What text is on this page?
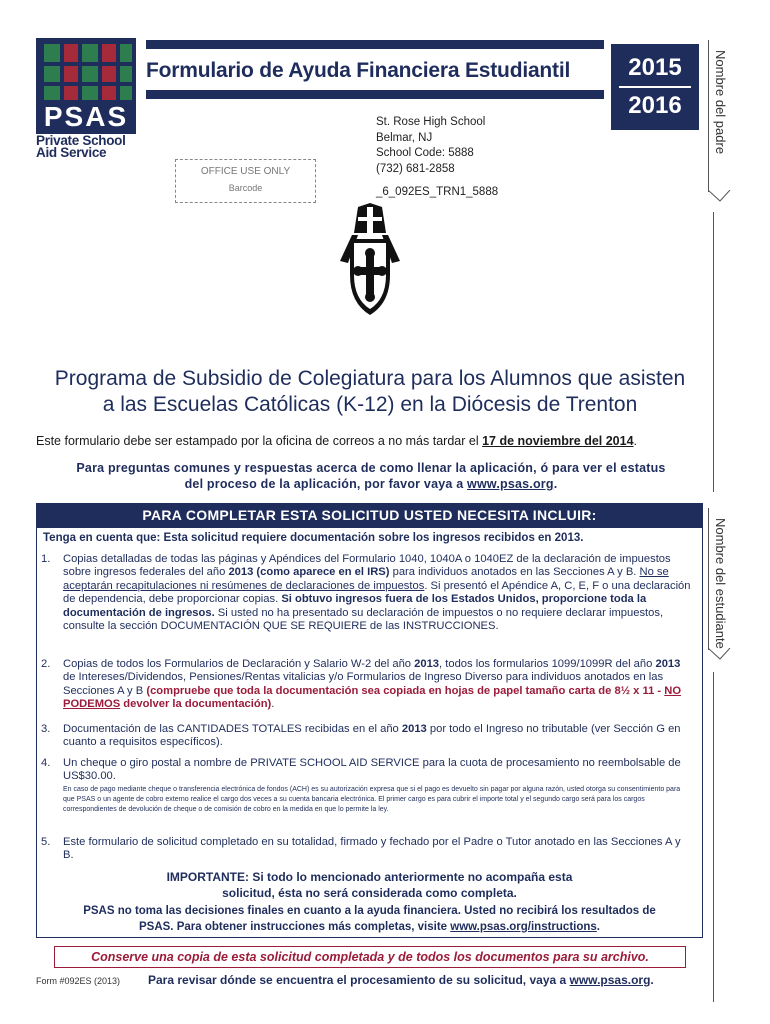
PSAS
Private School
Aid Service
Formulario de Ayuda Financiera Estudiantil	2015
2016	Nombre del padre
Nombre del estudiante
St. Rose High School
Belmar, NJ
School Code: 5888
(732) 681-2858
OFFICE USE ONLY
Barcode	_6_092ES_TRN1_5888
Programa de Subsidio de Colegiatura para los Alumnos que asisten
a las Escuelas Católicas (K-12) en la Diócesis de Trenton
Este formulario debe ser estampado por la oficina de correos a no más tardar el 17 de noviembre del 2014.
Para preguntas comunes y respuestas acerca de como llenar la aplicación, ó para ver el estatus
del proceso de la aplicación, por favor vaya a www.psas.org.
PARA COMPLETAR ESTA SOLICITUD USTED NECESITA INCLUIR:
Tenga en cuenta que: Esta solicitud requiere documentación sobre los ingresos recibidos en 2013.
1. Copias detalladas de todas las páginas y Apéndices del Formulario 1040, 1040A o 1040EZ de la declaración de impuestos sobre ingresos federales del año 2013 (como aparece en el IRS) para individuos anotados en las Secciones A y B. No se aceptarán recapitulaciones ni resúmenes de declaraciones de impuestos. Si presentó el Apéndice A, C, E, F o una declaración de dependencia, debe proporcionar copias. Si obtuvo ingresos fuera de los Estados Unidos, proporcione toda la documentación de ingresos. Si usted no ha presentado su declaración de impuestos o no requiere declarar impuestos, consulte la sección DOCUMENTACIÓN QUE SE REQUIERE de las INSTRUCCIONES.
2. Copias de todos los Formularios de Declaración y Salario W-2 del año 2013, todos los formularios 1099/1099R del año 2013 de Intereses/Dividendos, Pensiones/Rentas vitalicias y/o Formularios de Ingreso Diverso para individuos anotados en las Secciones A y B (compruebe que toda la documentación sea copiada en hojas de papel tamaño carta de 8½ x 11 - NO PODEMOS devolver la documentación).
3. Documentación de las CANTIDADES TOTALES recibidas en el año 2013 por todo el Ingreso no tributable (ver Sección G en cuanto a requisitos específicos).
4. Un cheque o giro postal a nombre de PRIVATE SCHOOL AID SERVICE para la cuota de procesamiento no reembolsable de US$30.00.
En caso de pago mediante cheque o transferencia electrónica de fondos (ACH) es su autorización expresa que si el pago es devuelto sin pagar por alguna razón, usted otorga su consentimiento para que PSAS o un agente de cobro externo realice el cargo dos veces a su cuenta bancaria electrónica. El primer cargo es para cubrir el importe total y el segundo cargo será para los cargos correspondientes de devolución de cheque o de comisión de cobro en la medida en que lo permite la ley.
5. Este formulario de solicitud completado en su totalidad, firmado y fechado por el Padre o Tutor anotado en las Secciones A y B.
IMPORTANTE: Si todo lo mencionado anteriormente no acompaña esta
solicitud, ésta no será considerada como completa.
PSAS no toma las decisiones finales en cuanto a la ayuda financiera. Usted no recibirá los resultados de
PSAS. Para obtener instrucciones más completas, visite www.psas.org/instructions.
Conserve una copia de esta solicitud completada y de todos los documentos para su archivo.
Form #092ES (2013) Para revisar dónde se encuentra el procesamiento de su solicitud, vaya a www.psas.org.
